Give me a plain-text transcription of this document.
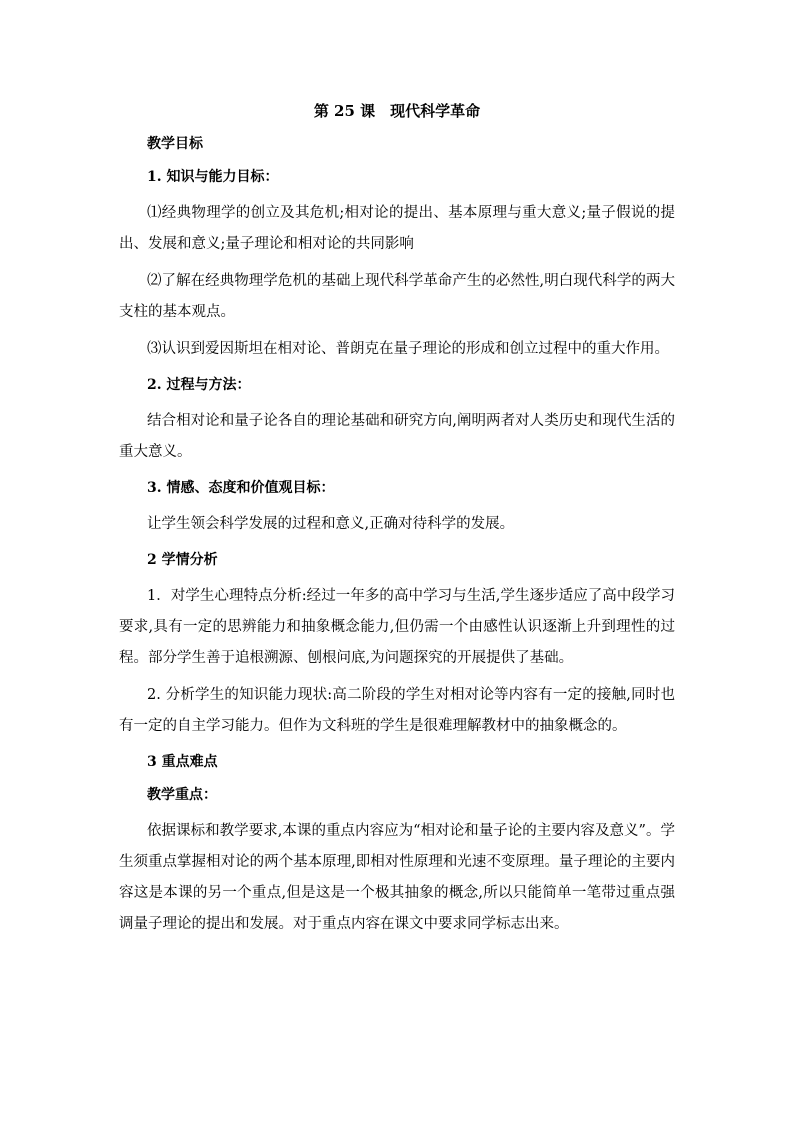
第 25 课　现代科学革命
教学目标
1. 知识与能力目标：

⑴经典物理学的创立及其危机;相对论的提出、基本原理与重大意义;量子假说的提出、发展和意义;量子理论和相对论的共同影响

⑵了解在经典物理学危机的基础上现代科学革命产生的必然性,明白现代科学的两大支柱的基本观点。

⑶认识到爱因斯坦在相对论、普朗克在量子理论的形成和创立过程中的重大作用。

2. 过程与方法：

结合相对论和量子论各自的理论基础和研究方向,阐明两者对人类历史和现代生活的重大意义。

3. 情感、态度和价值观目标：

让学生领会科学发展的过程和意义,正确对待科学的发展。

2 学情分析

1．对学生心理特点分析:经过一年多的高中学习与生活,学生逐步适应了高中段学习要求,具有一定的思辨能力和抽象概念能力,但仍需一个由感性认识逐渐上升到理性的过程。部分学生善于追根溯源、刨根问底,为问题探究的开展提供了基础。

2. 分析学生的知识能力现状:高二阶段的学生对相对论等内容有一定的接触,同时也有一定的自主学习能力。但作为文科班的学生是很难理解教材中的抽象概念的。

3 重点难点
教学重点：

依据课标和教学要求,本课的重点内容应为“相对论和量子论的主要内容及意义”。学生须重点掌握相对论的两个基本原理,即相对性原理和光速不变原理。量子理论的主要内容这是本课的另一个重点,但是这是一个极其抽象的概念,所以只能简单一笔带过重点强调量子理论的提出和发展。对于重点内容在课文中要求同学标志出来。
